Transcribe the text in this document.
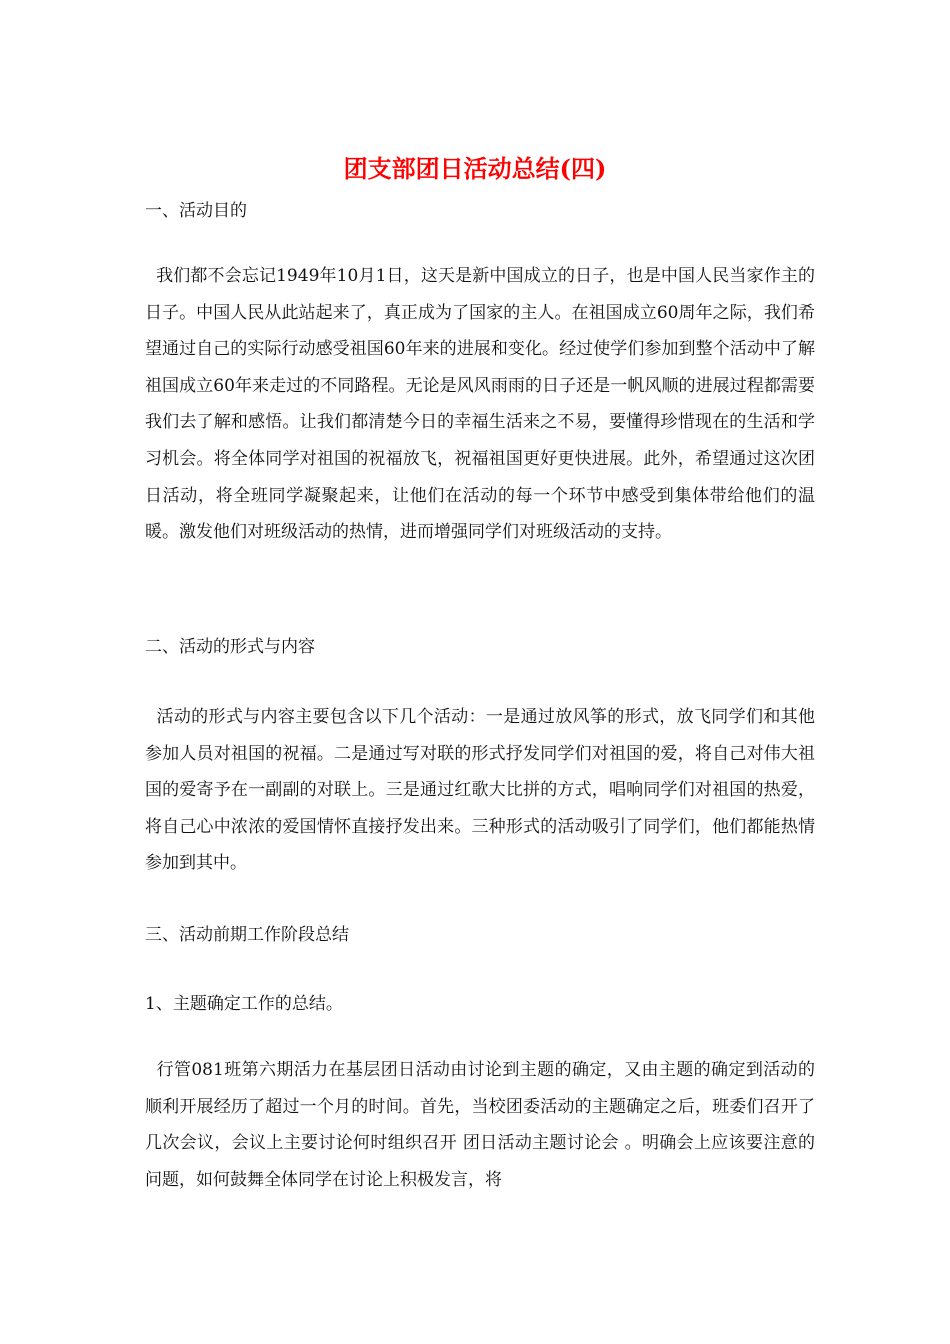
团支部团日活动总结(四)

一、活动目的

我们都不会忘记1949年10月1日，这天是新中国成立的日子，也是中国人民当家作主的日子。中国人民从此站起来了，真正成为了国家的主人。在祖国成立60周年之际，我们希望通过自己的实际行动感受祖国60年来的进展和变化。经过使学们参加到整个活动中了解祖国成立60年来走过的不同路程。无论是风风雨雨的日子还是一帆风顺的进展过程都需要我们去了解和感悟。让我们都清楚今日的幸福生活来之不易，要懂得珍惜现在的生活和学习机会。将全体同学对祖国的祝福放飞，祝福祖国更好更快进展。此外，希望通过这次团日活动，将全班同学凝聚起来，让他们在活动的每一个环节中感受到集体带给他们的温暖。激发他们对班级活动的热情，进而增强同学们对班级活动的支持。

二、活动的形式与内容

活动的形式与内容主要包含以下几个活动：一是通过放风筝的形式，放飞同学们和其他参加人员对祖国的祝福。二是通过写对联的形式抒发同学们对祖国的爱，将自己对伟大祖国的爱寄予在一副副的对联上。三是通过红歌大比拼的方式，唱响同学们对祖国的热爱，将自己心中浓浓的爱国情怀直接抒发出来。三种形式的活动吸引了同学们，他们都能热情参加到其中。

三、活动前期工作阶段总结

1、主题确定工作的总结。

行管081班第六期活力在基层团日活动由讨论到主题的确定，又由主题的确定到活动的顺利开展经历了超过一个月的时间。首先，当校团委活动的主题确定之后，班委们召开了几次会议，会议上主要讨论何时组织召开 团日活动主题讨论会 。明确会上应该要注意的问题，如何鼓舞全体同学在讨论上积极发言，将
